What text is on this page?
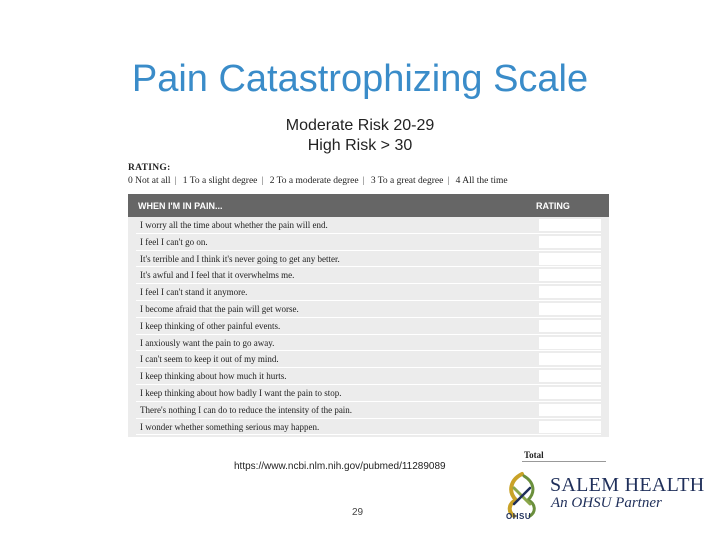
Pain Catastrophizing Scale
Moderate Risk 20-29
High Risk > 30
RATING:
0 Not at all | 1 To a slight degree | 2 To a moderate degree | 3 To a great degree | 4 All the time
WHEN I'M IN PAIN...	RATING
I worry all the time about whether the pain will end.
I feel I can't go on.
It's terrible and I think it's never going to get any better.
It's awful and I feel that it overwhelms me.
I feel I can't stand it anymore.
I become afraid that the pain will get worse.
I keep thinking of other painful events.
I anxiously want the pain to go away.
I can't seem to keep it out of my mind.
I keep thinking about how much it hurts.
I keep thinking about how badly I want the pain to stop.
There's nothing I can do to reduce the intensity of the pain.
I wonder whether something serious may happen.
Total
https://www.ncbi.nlm.nih.gov/pubmed/11289089
29	OHSU
SALEM HEALTH
An OHSU Partner
